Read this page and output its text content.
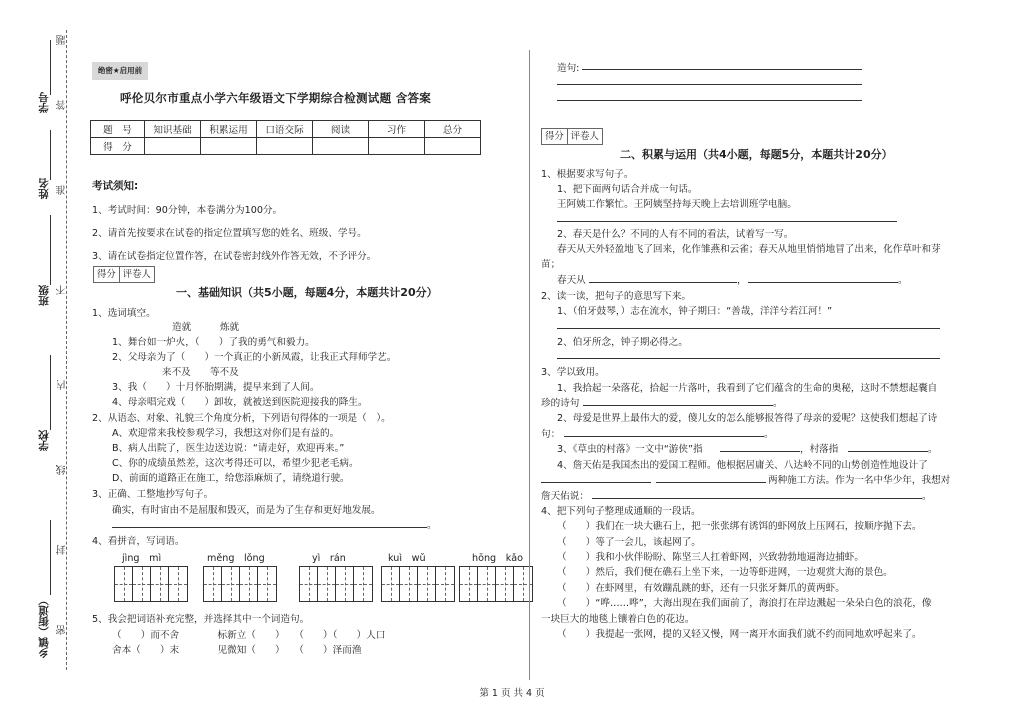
学号
姓名
班级
学校
乡镇（街道）
题
答
准
不
内
线
封
密
绝密★启用前
呼伦贝尔市重点小学六年级语文下学期综合检测试题 含答案
题　号	知识基础	积累运用	口语交际	阅读	习作	总分
得　分						
考试须知:
1、考试时间：90分钟，本卷满分为100分。
2、请首先按要求在试卷的指定位置填写您的姓名、班级、学号。
3、请在试卷指定位置作答，在试卷密封线外作答无效，不予评分。
得分 评卷人
一、基础知识（共5小题，每题4分，本题共计20分）
1、选词填空。
造就　　　炼就
1、舞台如一炉火，（　　）了我的勇气和毅力。
2、父母亲为了（　　）一个真正的小新凤霞，让我正式拜师学艺。
来不及　　等不及
3、我（　　）十月怀胎期满，提早来到了人间。
4、母亲唱完戏（　　）卸妆，就被送到医院迎接我的降生。
2、从语态、对象、礼貌三个角度分析，下列语句得体的一项是（　）。
A、欢迎常来我校参观学习，我想这对你们是有益的。
B、病人出院了，医生边送边说：“请走好，欢迎再来。”
C、你的成绩虽然差，这次考得还可以，希望少犯老毛病。
D、前面的道路正在施工，给您添麻烦了，请绕道行驶。
3、正确、工整地抄写句子。
确实，有时宙由不是屈服和毁灭，而是为了生存和更好地发展。
。
4、看拼音，写词语。
jìng　mì	měng　lǒng	yì　rán	kuì　wǔ	hōng　kǎo
5、我会把词语补充完整，并选择其中一个词造句。
（　　）而不舍　　　　标新立（　　）　　（　　）（　　）人口
舍本（　　）末　　　　见微知（　　）　　（　　）泽而渔
造句:
得分 评卷人
二、积累与运用（共4小题，每题5分，本题共计20分）
1、根据要求写句子。
1、把下面两句话合并成一句话。
王阿姨工作繁忙。王阿姨坚持每天晚上去培训班学电脑。
2、春天是什么？不同的人有不同的看法，试着写一写。
春天从天外轻盈地飞了回来，化作雏燕和云雀；春天从地里悄悄地冒了出来，化作草叶和芽
苗；
春天从	，	。
2、读一读，把句子的意思写下来。
1、（伯牙鼓琴，）志在流水，钟子期曰：“善哉，洋洋兮若江河！”
2、伯牙所念，钟子期必得之。
3、学以致用。
1、我拾起一朵落花，拾起一片落叶，我看到了它们蕴含的生命的奥秘，这时不禁想起囊自
珍的诗句	。
2、母爱是世界上最伟大的爱，傻儿女的怎么能够报答得了母亲的爱呢？这使我们想起了诗
句：	。
3、《草虫的村落》一文中“游侠”指	，村落指	。
4、詹天佑是我国杰出的爱国工程师。他根据居庸关、八达岭不同的山势创造性地设计了
两种施工方法。作为一名中华少年，我想对
詹天佑说：	。
4、把下列句子整理成通顺的一段话。
（　　）我们在一块大礁石上，把一张张绑有诱饵的虾网放上压网石，按顺序抛下去。
（　　）等了一会儿，该起网了。
（　　）我和小伙伴盼盼、陈坚三人扛着虾网，兴致勃勃地逼海边捕虾。
（　　）然后，我们便在礁石上坐下来，一边等虾进网，一边观赏大海的景色。
（　　）在虾网里，有效蹦乱跳的虾，还有一只张牙舞爪的黄两虾。
（　　）“哗……哗”，大海出现在我们面前了，海浪打在岸边溅起一朵朵白色的浪花，像
一块巨大的地毯上镶着白色的花边。
（　　）我提起一张网，提的又轻又慢，网一离开水面我们就不约而同地欢呼起来了。
第 1 页 共 4 页
